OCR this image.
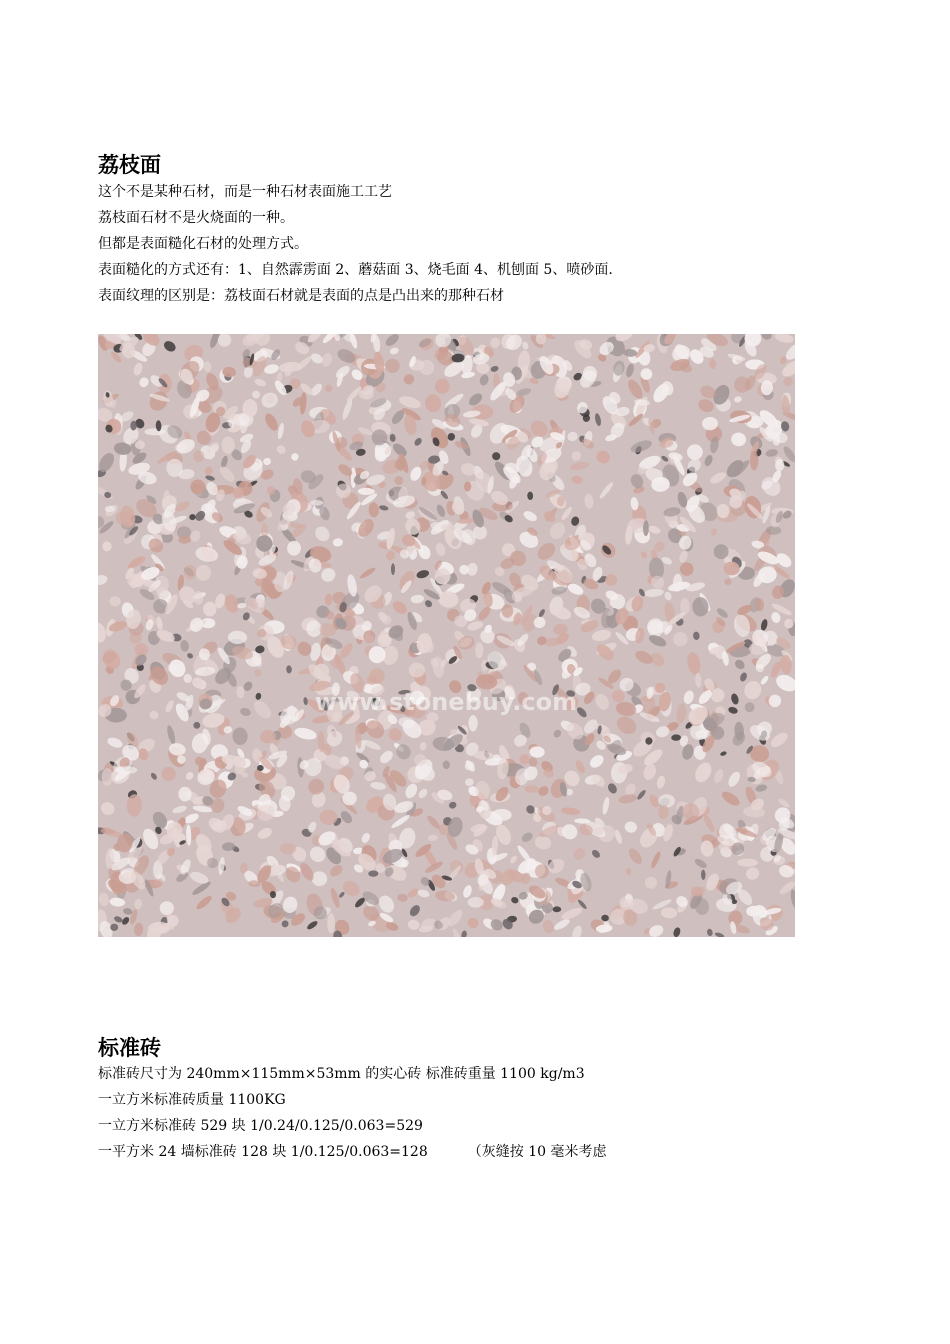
荔枝面

这个不是某种石材，而是一种石材表面施工工艺

荔枝面石材不是火烧面的一种。

但都是表面糙化石材的处理方式。

表面糙化的方式还有：1、自然霹雳面 2、蘑菇面 3、烧毛面 4、机刨面 5、喷砂面.

表面纹理的区别是：荔枝面石材就是表面的点是凸出来的那种石材

www.stonebuy.com
标准砖

标准砖尺寸为 240mm×115mm×53mm 的实心砖 标准砖重量 1100 kg/m3

一立方米标准砖质量 1100KG

一立方米标准砖 529 块 1/0.24/0.125/0.063=529

一平方米 24 墙标准砖 128 块 1/0.125/0.063=128	（灰缝按 10 毫米考虑
